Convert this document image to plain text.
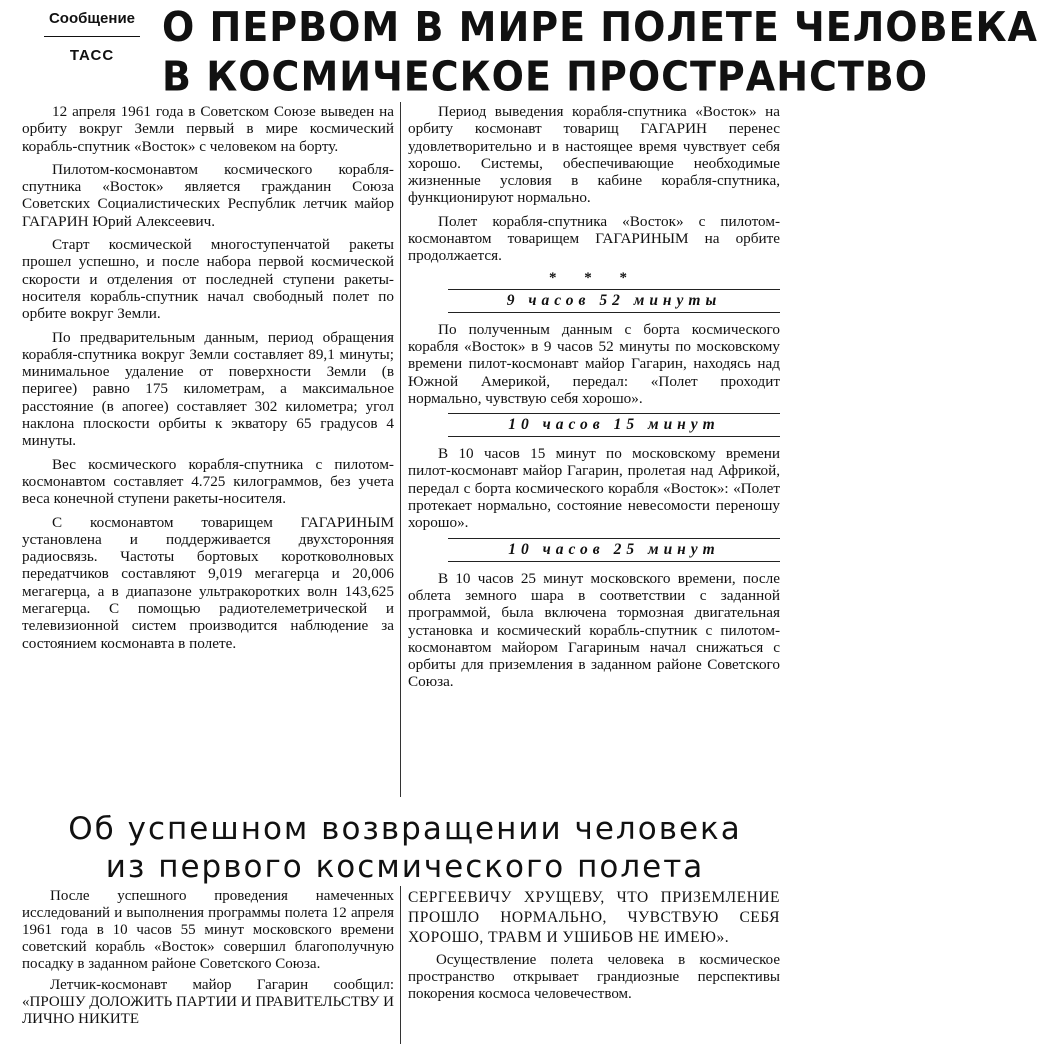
Сообщение
ТАСС
О ПЕРВОМ В МИРЕ ПОЛЕТЕ ЧЕЛОВЕКА
В КОСМИЧЕСКОЕ ПРОСТРАНСТВО

12 апреля 1961 года в Советском Союзе выведен на орбиту вокруг Земли первый в мире космический корабль-спутник «Восток» с человеком на борту.

Пилотом-космонавтом космического корабля-спутника «Восток» является гражданин Союза Советских Социалистических Республик летчик майор ГАГАРИН Юрий Алексеевич.

Старт космической многоступенчатой ракеты прошел успешно, и после набора первой космической скорости и отделения от последней ступени ракеты-носителя корабль-спутник начал свободный полет по орбите вокруг Земли.

По предварительным данным, период обращения корабля-спутника вокруг Земли составляет 89,1 минуты; минимальное удаление от поверхности Земли (в перигее) равно 175 километрам, а максимальное расстояние (в апогее) составляет 302 километра; угол наклона плоскости орбиты к экватору 65 градусов 4 минуты.

Вес космического корабля-спутника с пилотом-космонавтом составляет 4.725 килограммов, без учета веса конечной ступени ракеты-носителя.

С космонавтом товарищем ГАГАРИНЫМ установлена и поддерживается двухсторонняя радиосвязь. Частоты бортовых коротковолновых передатчиков составляют 9,019 мегагерца и 20,006 мегагерца, а в диапазоне ультракоротких волн 143,625 мегагерца. С помощью радиотелеметрической и телевизионной систем производится наблюдение за состоянием космонавта в полете.

Период выведения корабля-спутника «Восток» на орбиту космонавт товарищ ГАГАРИН перенес удовлетворительно и в настоящее время чувствует себя хорошо. Системы, обеспечивающие необходимые жизненные условия в кабине корабля-спутника, функционируют нормально.

Полет корабля-спутника «Восток» с пилотом-космонавтом товарищем ГАГАРИНЫМ на орбите продолжается.

* * *
9 часов 52 минуты

По полученным данным с борта космического корабля «Восток» в 9 часов 52 минуты по московскому времени пилот-космонавт майор Гагарин, находясь над Южной Америкой, передал: «Полет проходит нормально, чувствую себя хорошо».

10 часов 15 минут

В 10 часов 15 минут по московскому времени пилот-космонавт майор Гагарин, пролетая над Африкой, передал с борта космического корабля «Восток»: «Полет протекает нормально, состояние невесомости переношу хорошо».

10 часов 25 минут

В 10 часов 25 минут московского времени, после облета земного шара в соответствии с заданной программой, была включена тормозная двигательная установка и космический корабль-спутник с пилотом-космонавтом майором Гагариным начал снижаться с орбиты для приземления в заданном районе Советского Союза.

Об успешном возвращении человека
из первого космического полета

После успешного проведения намеченных исследований и выполнения программы полета 12 апреля 1961 года в 10 часов 55 минут московского времени советский корабль «Восток» совершил благополучную посадку в заданном районе Советского Союза.

Летчик-космонавт майор Гагарин сообщил: «ПРОШУ ДОЛОЖИТЬ ПАРТИИ И ПРАВИТЕЛЬСТВУ И ЛИЧНО НИКИТЕ

СЕРГЕЕВИЧУ ХРУЩЕВУ, ЧТО ПРИЗЕМЛЕНИЕ ПРОШЛО НОРМАЛЬНО, ЧУВСТВУЮ СЕБЯ ХОРОШО, ТРАВМ И УШИБОВ НЕ ИМЕЮ».

Осуществление полета человека в космическое пространство открывает грандиозные перспективы покорения космоса человечеством.
